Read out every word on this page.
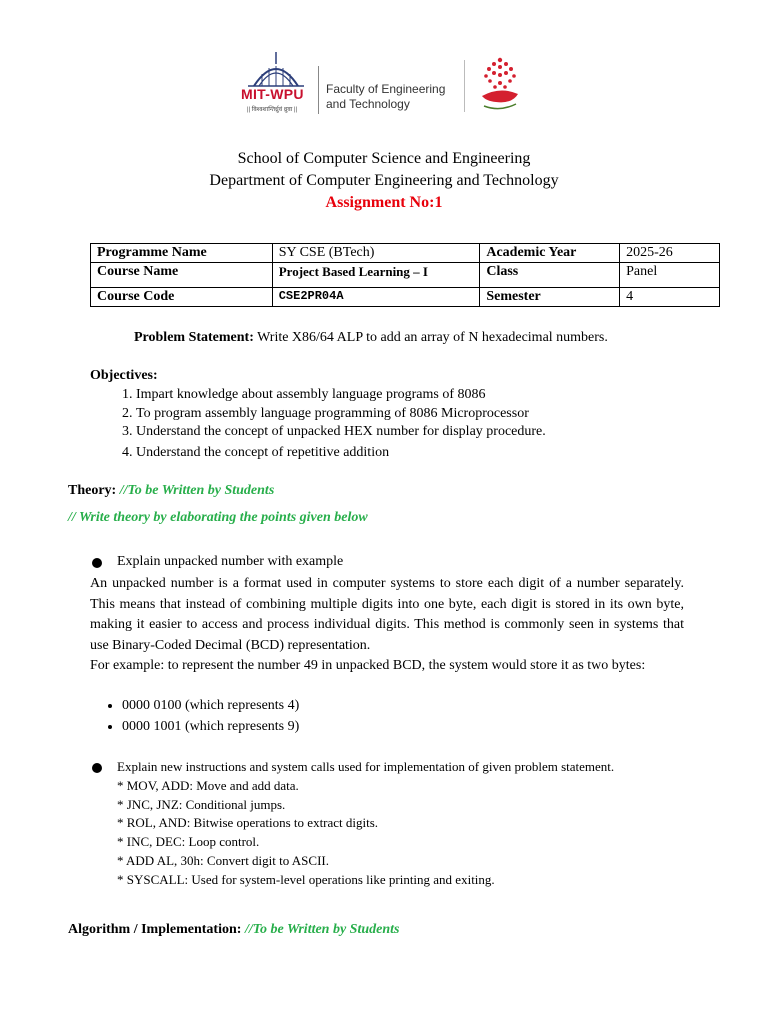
MIT-WPU
|| विश्वशान्तिर्ध्रुवं ध्रुवा ||
Faculty of Engineering
and Technology
School of Computer Science and Engineering
Department of Computer Engineering and Technology
Assignment No:1
Programme Name	SY CSE (BTech)	Academic Year	2025-26
Course Name	Project Based Learning – I	Class	Panel
Course Code	CSE2PR04A	Semester	4
Problem Statement: Write X86/64 ALP to add an array of N hexadecimal numbers.
Objectives:
1. Impart knowledge about assembly language programs of 8086
2. To program assembly language programming of 8086 Microprocessor
3. Understand the concept of unpacked HEX number for display procedure.
4. Understand the concept of repetitive addition
Theory: //To be Written by Students
// Write theory by elaborating the points given below
Explain unpacked number with example
An unpacked number is a format used in computer systems to store each digit of a number separately. This means that instead of combining multiple digits into one byte, each digit is stored in its own byte, making it easier to access and process individual digits. This method is commonly seen in systems that use Binary-Coded Decimal (BCD) representation.
For example: to represent the number 49 in unpacked BCD, the system would store it as two bytes:
• 0000 0100 (which represents 4)
• 0000 1001 (which represents 9)
Explain new instructions and system calls used for implementation of given problem statement.
* MOV, ADD: Move and add data.
* JNC, JNZ: Conditional jumps.
* ROL, AND: Bitwise operations to extract digits.
* INC, DEC: Loop control.
* ADD AL, 30h: Convert digit to ASCII.
* SYSCALL: Used for system-level operations like printing and exiting.
Algorithm / Implementation: //To be Written by Students
